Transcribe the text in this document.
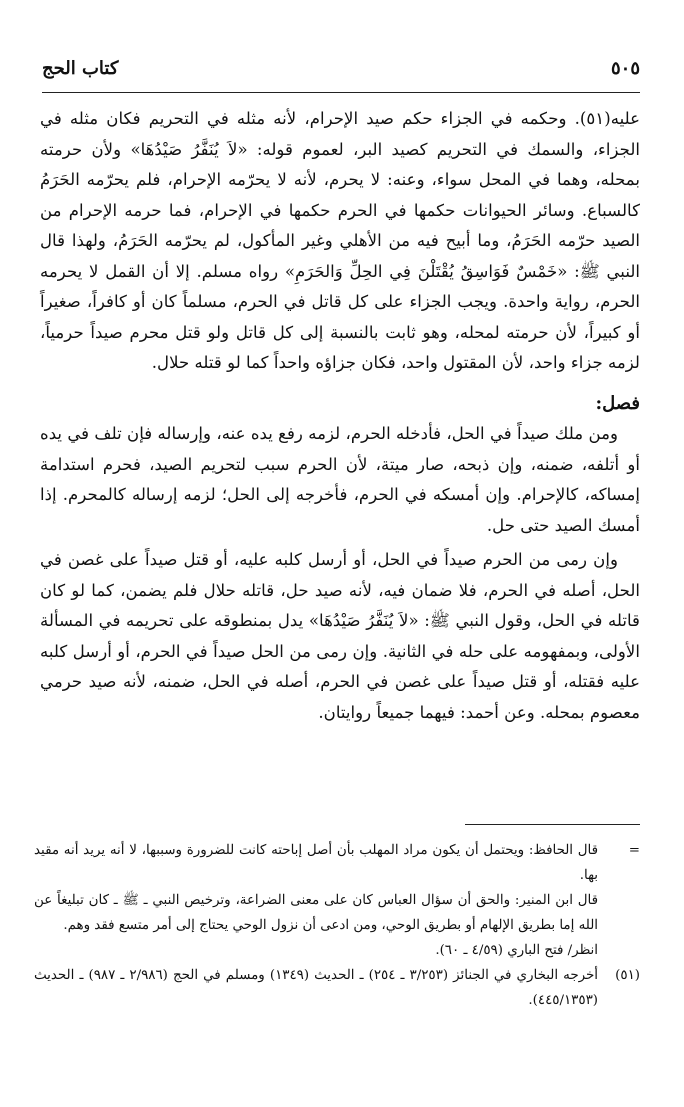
كتاب الحج	٥٠٥

عليه(٥١). وحكمه في الجزاء حكم صيد الإحرام، لأنه مثله في التحريم فكان مثله في الجزاء، والسمك في التحريم كصيد البر، لعموم قوله: «لاَ يُنَفَّرُ صَيْدُهَا» ولأن حرمته بمحله، وهما في المحل سواء، وعنه: لا يحرم، لأنه لا يحرّمه الإحرام، فلم يحرّمه الحَرَمُ كالسباع. وسائر الحيوانات حكمها في الحرم حكمها في الإحرام، فما حرمه الإحرام من الصيد حرّمه الحَرَمُ، وما أبيح فيه من الأهلي وغير المأكول، لم يحرّمه الحَرَمُ، ولهذا قال النبي ﷺ: «خَمْسٌ فَوَاسِقُ يُقْتَلْنَ فِي الحِلِّ وَالحَرَمِ» رواه مسلم. إلا أن القمل لا يحرمه الحرم، رواية واحدة. ويجب الجزاء على كل قاتل في الحرم، مسلماً كان أو كافراً، صغيراً أو كبيراً، لأن حرمته لمحله، وهو ثابت بالنسبة إلى كل قاتل ولو قتل محرم صيداً حرمياً، لزمه جزاء واحد، لأن المقتول واحد، فكان جزاؤه واحداً كما لو قتله حلال.

فصل:

ومن ملك صيداً في الحل، فأدخله الحرم، لزمه رفع يده عنه، وإرساله فإن تلف في يده أو أتلفه، ضمنه، وإن ذبحه، صار ميتة، لأن الحرم سبب لتحريم الصيد، فحرم استدامة إمساكه، كالإحرام. وإن أمسكه في الحرم، فأخرجه إلى الحل؛ لزمه إرساله كالمحرم. إذا أمسك الصيد حتى حل.

وإن رمى من الحرم صيداً في الحل، أو أرسل كلبه عليه، أو قتل صيداً على غصن في الحل، أصله في الحرم، فلا ضمان فيه، لأنه صيد حل، قاتله حلال فلم يضمن، كما لو كان قاتله في الحل، وقول النبي ﷺ: «لاَ يُنَفَّرُ صَيْدُهَا» يدل بمنطوقه على تحريمه في المسألة الأولى، وبمفهومه على حله في الثانية. وإن رمى من الحل صيداً في الحرم، أو أرسل كلبه عليه فقتله، أو قتل صيداً على غصن في الحرم، أصله في الحل، ضمنه، لأنه صيد حرمي معصوم بمحله. وعن أحمد: فيهما جميعاً روايتان.

=

قال الحافظ: ويحتمل أن يكون مراد المهلب بأن أصل إباحته كانت للضرورة وسببها، لا أنه يريد أنه مقيد بها.

قال ابن المنير: والحق أن سؤال العباس كان على معنى الضراعة، وترخيص النبي ـ ﷺ ـ كان تبليغاً عن الله إما بطريق الإلهام أو بطريق الوحي، ومن ادعى أن نزول الوحي يحتاج إلى أمر متسع فقد وهم.

انظر/ فتح الباري (٤/٥٩ ـ ٦٠).

(٥١)

أخرجه البخاري في الجنائز (٣/٢٥٣ ـ ٢٥٤) ـ الحديث (١٣٤٩) ومسلم في الحج (٢/٩٨٦ ـ ٩٨٧) ـ الحديث (٤٤٥/١٣٥٣).
